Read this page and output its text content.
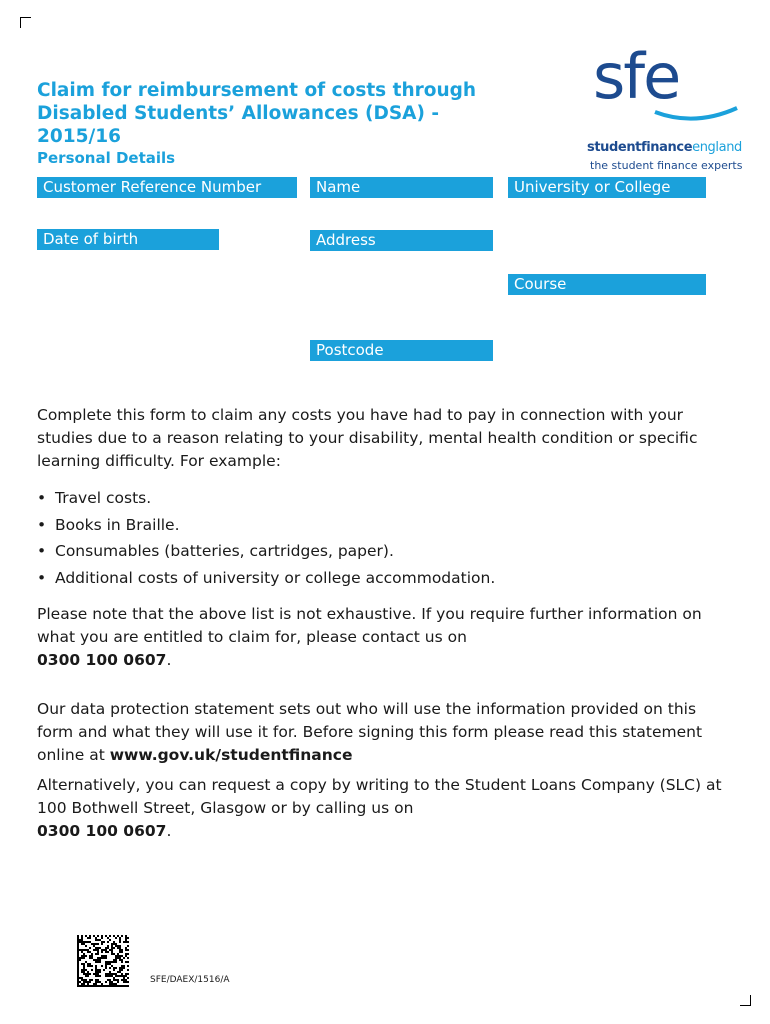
Claim for reimbursement of costs through Disabled Students’ Allowances (DSA) - 2015/16
Personal Details
sfe
studentfinanceengland
the student finance experts
Customer Reference Number	Name	University or College
Date of birth	Address
Course
Postcode

Complete this form to claim any costs you have had to pay in connection with your studies due to a reason relating to your disability, mental health condition or specific learning difficulty. For example:

• Travel costs.
• Books in Braille.
• Consumables (batteries, cartridges, paper).
• Additional costs of university or college accommodation.

Please note that the above list is not exhaustive. If you require further information on what you are entitled to claim for, please contact us on
0300 100 0607.

Our data protection statement sets out who will use the information provided on this form and what they will use it for. Before signing this form please read this statement online at www.gov.uk/studentfinance

Alternatively, you can request a copy by writing to the Student Loans Company (SLC) at 100 Bothwell Street, Glasgow or by calling us on
0300 100 0607.

SFE/DAEX/1516/A
